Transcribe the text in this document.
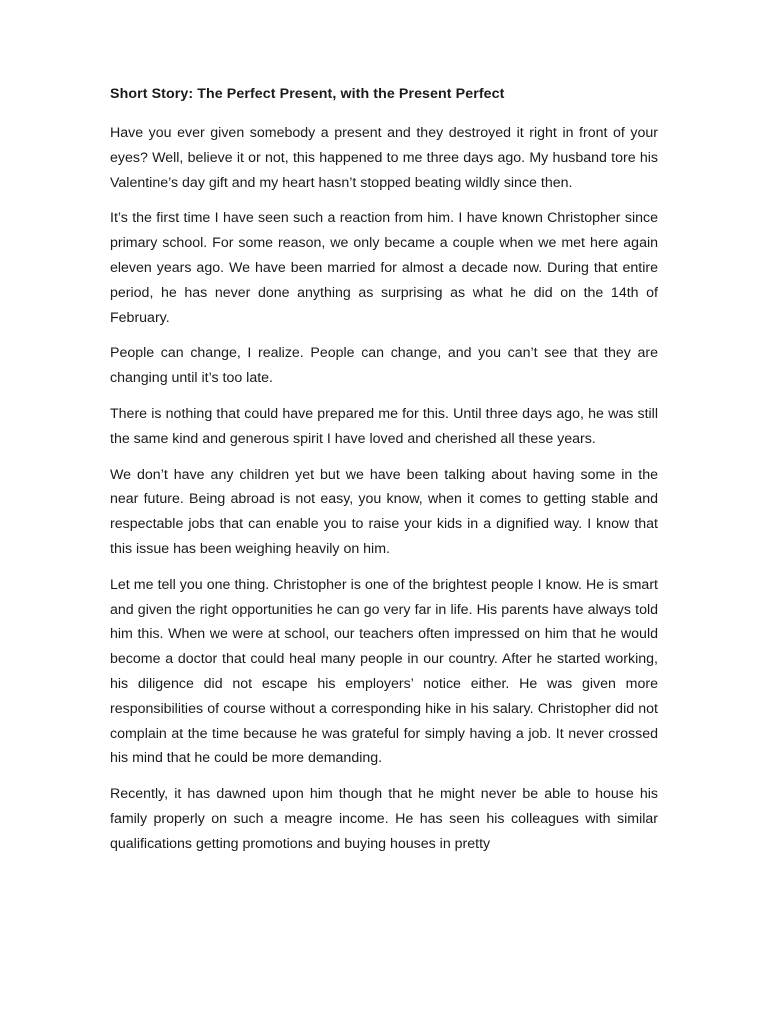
Short Story: The Perfect Present, with the Present Perfect

Have you ever given somebody a present and they destroyed it right in front of your eyes? Well, believe it or not, this happened to me three days ago. My husband tore his Valentine’s day gift and my heart hasn’t stopped beating wildly since then.

It’s the first time I have seen such a reaction from him. I have known Christopher since primary school. For some reason, we only became a couple when we met here again eleven years ago. We have been married for almost a decade now. During that entire period, he has never done anything as surprising as what he did on the 14th of February.

People can change, I realize. People can change, and you can’t see that they are changing until it’s too late.

There is nothing that could have prepared me for this. Until three days ago, he was still the same kind and generous spirit I have loved and cherished all these years.

We don’t have any children yet but we have been talking about having some in the near future. Being abroad is not easy, you know, when it comes to getting stable and respectable jobs that can enable you to raise your kids in a dignified way. I know that this issue has been weighing heavily on him.

Let me tell you one thing. Christopher is one of the brightest people I know. He is smart and given the right opportunities he can go very far in life. His parents have always told him this. When we were at school, our teachers often impressed on him that he would become a doctor that could heal many people in our country. After he started working, his diligence did not escape his employers’ notice either. He was given more responsibilities of course without a corresponding hike in his salary. Christopher did not complain at the time because he was grateful for simply having a job. It never crossed his mind that he could be more demanding.

Recently, it has dawned upon him though that he might never be able to house his family properly on such a meagre income. He has seen his colleagues with similar qualifications getting promotions and buying houses in pretty
